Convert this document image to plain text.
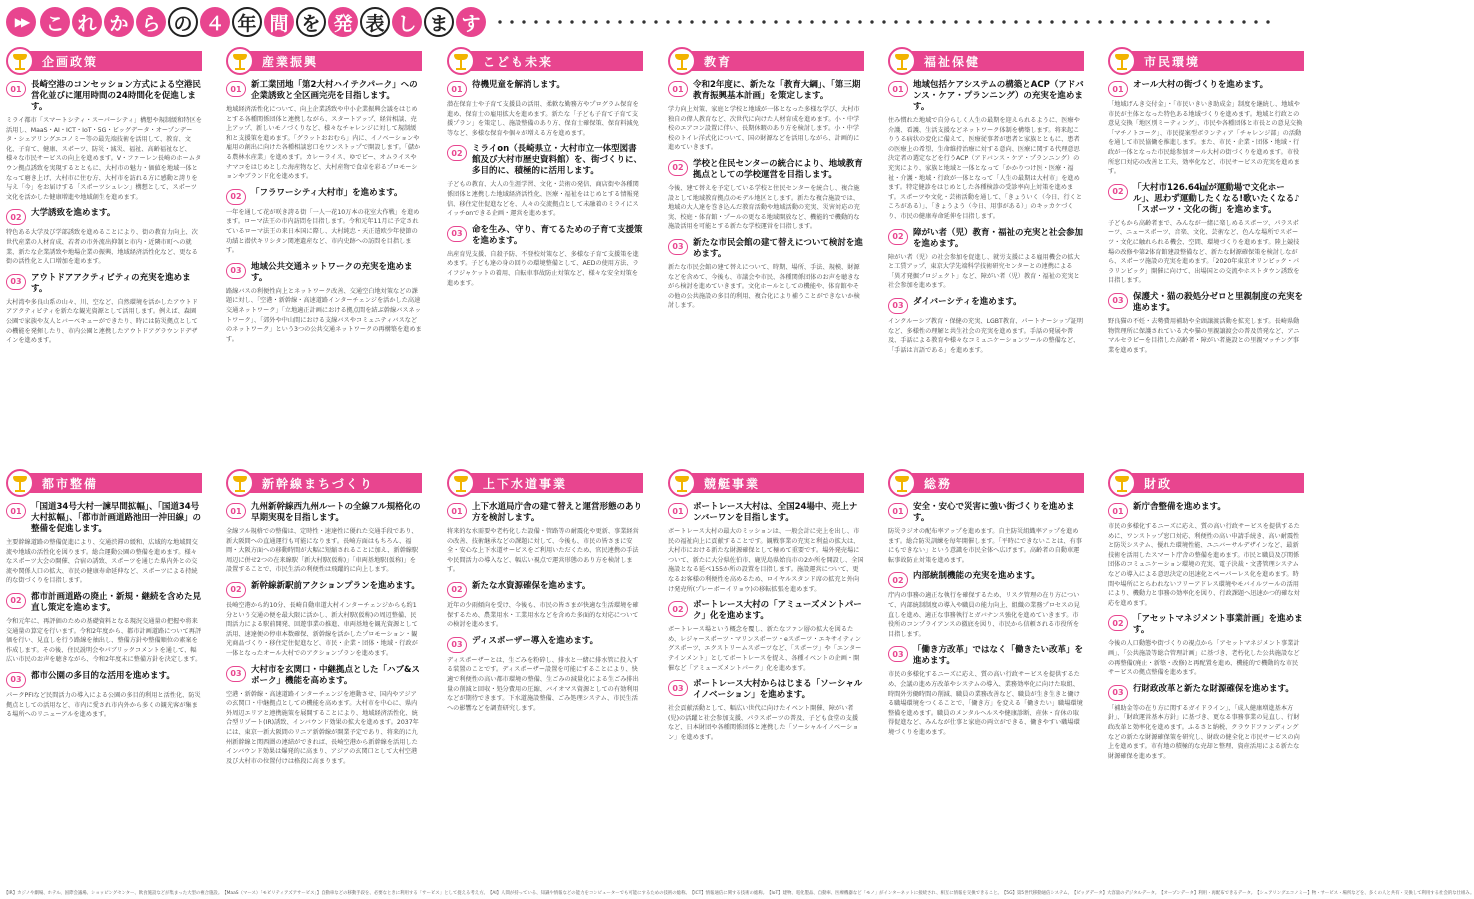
▶▶ こ れ か ら の ４ 年 間 を 発 表 し ま す
企画政策
01	長崎空港のコンセッション方式による空港民営化並びに運用時間の24時間化を促進します。
ミライ都市「スマートシティ・スーパーシティ」構想や規制緩和特区を活用し、MaaS・AI・ICT・IoT・5G・ビッグデータ・オープンデータ・シェアリングエコノミー等の最先端技術を活用して、教育、文化、子育て、健康、スポーツ、防災・減災、福祉、高齢福祉など、様々な市民サービスの向上を進めます。V・ファーレン長崎のホームタウン拠点誘致を実現するとともに、大村市の魅力・価値を地域一体となって磨き上げ、大村市に住む方、大村市を訪れる方に感動と誇りを与え「今」をお届けする「スポーツシュレン」構想として、スポーツ文化を活かした健康増進や地域創生を進めます。
02	大学誘致を進めます。
特色ある大学及び学部誘致を進めることにより、街の教育力向上、次世代産業の人材育成、若者の市外流出抑制と市内・近隣市町への就業、新たな企業誘致や地場企業の振興、地域経済活性化など、更なる街の活性化と人口増加を進めます。
03	アウトドアアクティビティの充実を進めます。
大村湾や多良山系の山々、川、空など、自然環境を活かしたアウトドアアクティビティを新たな観光資源として活用します。例えば、森園公園で家族や友人とバーベキューができたり、時には防災拠点としての機能を発揮したり、市内公園と連携したアウトドアグラウンドデザインを進めます。
産業振興
01	新工業団地「第2大村ハイテクパーク」への企業誘致と全区画完売を目指します。
地域経済活性化について、向上企業誘致や中小企業振興会議をはじめとする各種関係団体と連携しながら、スタートアップ、経営相談、売上アップ、新しいモノづくりなど、様々なチャレンジに対して規制緩和と支援策を進めます。「グラットおおむら」内に、イノベーションや雇用の創出に向けた各種相談窓口をワンストップで開設します。「儲かる農林水産業」を進めます。カレーライス、ゆでピー、オムライスやナマコをはじめとした海産物など、大村産物で食卓を彩るプロモーションやブランド化を進めます。
02	「フラワーシティ大村市」を進めます。
一年を通して花が咲き誇る街「一人一花10万本の花室大作戦」を進めます。ローマ法王の市内訪問を目指します。令和元年11月に予定されているローマ法王の来日本国に際し、大村純忠・天正遣欧少年使節の功績と潜伏キリシタン関連遺産など、市内史跡への訪問を目指します。
03	地域公共交通ネットワークの充実を進めます。
路線バスの利便性向上とネットワーク改善、交通空白地対策などの課題に対し、「空港・新幹線・高速道路インターチェンジを活かした高速交通ネットワーク」「立地適正計画における拠点間を結ぶ幹線バスネットワーク」、「郊外や中山間における支線バスやコミュニティバスなどのネットワーク」という3つの公共交通ネットワークの再構築を進めます。
こども未来
01	待機児童を解消します。
潜在保育士や子育て支援員の活用、柔軟な勤務方やプログラム保育を進め、保育士の雇用拡大を進めます。新たな「子ども子育て子育て支援プラン」を策定し、施設整備のあり方、保育士確保策、保育料減免等など、多様な保育や個々が増える方を進めます。
02	ミライon（長崎県立・大村市立一体型図書館及び大村市歴史資料館）を、街づくりに、多目的に、積極的に活用します。
子どもの教育、大人の生涯学習、文化・芸術の発信、商店街や各種関係団体と連携した地域経済活性化、医療・福祉をはじめとする情報発信、移住定住促進などを、人々の交流拠点として未融着のミライにスイッチonできる企画・運営を進めます。
03	命を生み、守り、育てるための子育て支援策を進めます。
出産育児支援、自殺予防、不登校対策など、多様な子育て支援策を進めます。子ども達の身の回りの環境整備として、AEDの使用方法、ライフジャケットの着用、自転車事故防止対策など、様々な安全対策を進めます。
教育
01	令和2年度に、新たな「教育大綱」、「第三期教育振興基本計画」を策定します。
学力向上対策、家庭と学校と地域が一体となった多様な学び、大村市独自の偉人教育など、次世代に向けた人材育成を進めます。小・中学校のエアコン設置に伴い、長期休暇のあり方を検討します。小・中学校のトイレ洋式化について、国の財源などを活用しながら、計画的に進めていきます。
02	学校と住民センターの統合により、地域教育拠点としての学校運営を目指します。
今後、建て替えを予定している学校と住民センターを統合し、複合施設として地域教育拠点のモデル地区とします。新たな複合施設では、地域の大人達を巻き込んだ教育活動や地域活動の充実、災害対応の充実、校庭・体育館・プールの更なる地域開放など、機能的で機動的な施設活用を可能とする新たな学校運営を目指します。
03	新たな市民会館の建て替えについて検討を進めます。
新たな市民会館の建て替えについて、時期、場所、手法、規模、財源などを含めて、今後も、市議会や市民、各種関係団体のお声を聴きながら検討を進めていきます。文化ホールとしての機能や、体育館やその他の公共施設の多目的利用、複合化により補うことができないか検討します。
福祉保健
01	地域包括ケアシステムの構築とACP（アドバンス・ケア・プランニング）の充実を進めます。
住み慣れた地域で自分らしく人生の最期を迎えられるように、医療や介護、看護、生活支援などネットワーク体制を構築します。将来起こりうる病状の変化に備えて、医療従事者が患者と家族とともに、患者の医療上の希望、生命維持治療に対する意向、医療に関する代理意思決定者の選定などを行うACP（アドバンス・ケア・プランニング）の充実により、家族と地域と一体となって「かかりつけ医・医療・福祉・介護・地域・行政が一体となって「人生の最期は大村市」を進めます。特定健診をはじめとした各種検診の受診率向上対策を進めます。スポーツや文化・芸術活動を通して、「きょういく（今日、行くところがある）」、「きょうよう（今日、用事がある）」のキッカケづくり、市民の健康寿命延伸を目指します。
02	障がい者（児）教育・福祉の充実と社会参加を進めます。
障がい者（児）の社会参加を促進し、就労支援による雇用機会の拡大と工賃アップ、東京大学先端科学技術研究センターとの連携による「異才発掘プロジェクト」など、障がい者（児）教育・福祉の充実と社会参加を進めます。
03	ダイバーシティを進めます。
インクルーシブ教育・保健の充実、LGBT教育、パートナーシップ証明など、多様性の理解と共生社会の充実を進めます。手話の発展や普及、手話による教育や様々なコミュニケーションツールの整備など、「手話は言語である」を進めます。
市民環境
01	オール大村の街づくりを進めます。
「地域げんき交付金」・「市民いきいき助成金」制度を継続し、地域や市民が主体となった特色ある地域づくりを進めます。地域と行政との意見交換「地区別ミーティング」、市民や各種団体と市長との意見交換「マチノトコーク」、市民提案型ボランティア「チャレンジ部」の活動を通して市民協働を推進します。また、市民・企業・団体・地域・行政が一体となった市民総参加オール大村の街づくりを進めます。市役所窓口対応の改善と工夫、効率化など、市民サービスの充実を進めます。
02	「大村市126.64㎢が運動場で文化ホール」、思わず運動したくなる!歌いたくなる♪「スポーツ・文化の街」を進めます。
子どもから高齢者まで、みんなが一緒に楽しめるスポーツ、パラスポーツ、ニュースポーツ、音楽、文化、芸術など、色んな場所でスポーツ・文化に触れられる機会、空間、環境づくりを進めます。陸上競技場の改修や第2体育館建設整備など、新たな財源確保策を検討しながら、スポーツ施設の充実を進めます。「2020年東京オリンピック・パラリンピック」開催に向けて、出場国との交流やホストタウン誘致を目指します。
03	保護犬・猫の殺処分ゼロと里親制度の充実を進めます。
野良猫の不妊・去勢費用補助や全頭譲渡活動を拡充します。長崎県動物管理所に保護されている犬や猫の里親譲渡会の普及啓発など、アニマルセラピーを目指した高齢者・障がい者施設との里親マッチング事業を進めます。
都市整備
01	「国道34号大村一諫早間拡幅」、「国道34号大村拡幅」、「都市計画道路池田一沖田線」の整備を促進します。
主要幹線道路の整備促進により、交通渋滞の緩和、広域的な地域間交流や地域の活性化を図ります。総合運動公園の整備を進めます。様々なスポーツ大会の開催、合宿の誘致、スポーツを通じた県内外との交流や関係人口の拡大、市民の健康寿命延伸など、スポーツによる持続的な街づくりを目指します。
02	都市計画道路の廃止・新規・継続を含めた見直し策定を進めます。
令和元年に、再評価のための基礎資料となる現況交通量の把握や将来交通量の算定を行います。令和2年度から、都市計画道路について再評価を行い、見直しを行う路線を抽出し、整備方針や整備順位の素案を作成します。その後、住民説明会やパブリックコメントを通して、幅広い市民のお声を聴きながら、令和2年度末に整備方針を決定します。
03	都市公園の多目的な活用を進めます。
パークPFIなど民間活力の導入による公園の多目的利用と活性化、防災拠点としての活用など、市内に愛され市内外から多くの観光客が集まる場所へのリニューアルを進めます。
新幹線まちづくり
01	九州新幹線西九州ルートの全線フル規格化の早期実現を目指します。
全線フル規格での整備は、定時性・速達性に優れた交通手段であり、新大阪間への直通運行も可能になります。長崎方面はもちろん、福岡・大阪方面への移動時間が大幅に短縮されることに加え、新幹線駅周辺に併せ2つの在来線駅「新大村駅(仮称)」「車両基地駅(仮称)」を設置することで、市民生活の利便性は飛躍的に向上します。
02	新幹線新駅前アクションプランを進めます。
長崎空港から約10分、長崎自動車道大村インターチェンジからも約1分という交通の便を最大限に活かし、新大村駅(仮称)の周辺整備、民間活力による駅前開発、回遊事業の推進、車両基地を観光資源として活用、速達便の停車本数確保、新幹線を活かしたプロモーション・観光商品づくり・移住定住促進など、市民・企業・団体・地域・行政が一体となったオール大村でのアクションプランを進めます。
03	大村市を玄関口・中継拠点とした「ハブ&スポーク」機能を高めます。
空港・新幹線・高速道路インターチェンジを連動させ、国内やアジアの玄関口・中継拠点としての機能を高めます。大村市を中心に、県内外周辺エリアと連携施策を展開することにより、地域経済活性化、統合型リゾート(IR)誘致、インバウンド効果の拡大を進めます。2037年には、東京一新大阪間のリニア新幹線が開業予定であり、将来的に九州新幹線と関西圏の連結ができれば、長崎空港から新幹線を活用したインバウンド効果は爆発的に高まり、アジアの玄関口として大村空港及び大村市の位置付けは格段に高まります。
上下水道事業
01	上下水道局庁舎の建て替えと運営形態のあり方を検討します。
将来的な水需要や老朽化した設備・管路等の耐震化や更新、事業経営の改善、技術継承などの課題に対して、今後も、市民の皆さまに安全・安心な上下水道サービスをご利用いただくため、官民連携の手法や民間活力の導入など、幅広い視点で運営形態のあり方を検討します。
02	新たな水資源確保を進めます。
近年の少雨傾向を受け、今後も、市民の皆さまが快適な生活環境を確保するため、農業用水・工業用水などを含めた多面的な対応についての検討を進めます。
03	ディスポーザー導入を進めます。
ディスポーザーとは、生ごみを粉砕し、排水と一緒に排水管に投入する装置のことです。ディスポーザー設置を可能にすることにより、快適で利便性の高い都市環境の整備、生ごみの減量化による生ごみ排出量の削減と回収・処分費用の圧縮、バイオマス資源としての有効利用などが期待できます。下水道施設整備、ごみ処理システム、市民生活への影響などを調査研究します。
競艇事業
01	ボートレース大村は、全国24場中、売上ナンバーワンを目指します。
ボートレース大村の最大のミッションは、一般会計に売上を出し、市民の福祉向上に貢献することです。観戦事業の充実と利益の拡大は、大村市における新たな財源確保として極めて重要です。場外発売場について、新たに大分県佐伯市、鹿児島県姶良市の2か所を開設し、全国施設となる延べ155か所の設置を目指します。施設運営について、更なるお客様の利便性を高めるため、ロイヤルスタンド席の拡充と外向け発売所(プレーボーイリョウ)の移転拡張を進めます。
02	ボートレース大村の「アミューズメントパーク」化を進めます。
ボートレース場という概念を覆し、新たなファン層の拡大を図るため、レジャースポーツ・マリンスポーツ・eスポーツ・エキサイティングスポーツ、エクストリームスポーツなど、「スポーツ」や「エンターテインメント」としてボートレースを捉え、各種イベントの企画・開催など「アミューズメントパーク」化を進めます。
03	ボートレース大村からはじまる「ソーシャルイノベーション」を進めます。
社会貢献活動として、幅広い世代に向けたイベント開催、障がい者(児)の活躍と社会参加支援、パラスポーツの普及、子ども食堂の支援など、日本財団や各種関係団体と連携した「ソーシャルイノベーション」を進めます。
総務
01	安全・安心で災害に強い街づくりを進めます。
防災ラジオの配布率アップを進めます。自主防災組織率アップを進めます。総合防災訓練を毎年開催します。「平時にできないことは、有事にもできない」という意識を市民全体へ広げます。高齢者の自動車運転事故防止対策を進めます。
02	内部統制機能の充実を進めます。
庁内の事務の適正な執行を確保するため、リスク管理の在り方について、内部統制制度の導入や職員の能力向上、組織の業務プロセスの見直しを進め、適正な事務執行とガバナンス強化を進めていきます。市役所のコンプライアンスの徹底を図り、市民から信頼される市役所を目指します。
03	「働き方改革」ではなく「働きたい改革」を進めます。
市民の多様化するニーズに応え、質の高い行政サービスを提供するため、会議の進め方改革やシステムの導入、業務効率化に向けた取組、時間外労働時間の削減、職員の業務改善など、職員が生き生きと働ける職場環境をつくることで、「働き方」を変える「働きたい」職場環境整備を進めます。職員のメンタルヘルスや健康診断、産休・育休の取得促進など、みんなが仕事と家庭の両立ができる、働きやすい職場環境づくりを進めます。
財政
01	新庁舎整備を進めます。
市民の多様化するニーズに応え、質の高い行政サービスを提供するために、ワンストップ窓口対応、利便性の高い申請手続き、高い耐震性と防災システム、優れた環境性能、ユニバーサルデザインなど、最新技術を活用したスマート庁舎の整備を進めます。市民と職員及び関係団体のコミュニケーション環境の充実、電子決裁・文書管理システムなどの導入による意思決定の迅速化とペーパーレス化を進めます。時間や場所にとらわれないフリーアドレス環境やモバイルツールの活用により、機動力と事務の効率化を図り、行政課題へ迅速かつ的確な対応を進めます。
02	「アセットマネジメント事業計画」を進めます。
今後の人口動態や街づくりの視点から「アセットマネジメント事業計画」、「公共施設等総合管理計画」に基づき、老朽化した公共施設などの再整備(廃止・新築・改修)と再配置を進め、機能的で機動的な市民サービスの拠点整備を進めます。
03	行財政改革と新たな財源確保を進めます。
「補助金等の在り方に関するガイドライン」、「成人健康増進基本方針」、「財政運営基本方針」に基づき、更なる事務事業の見直し、行財政改革と効率化を進めます。ふるさと納税、クラウドファンディングなどの新たな財源確保策を研究し、財政の健全化と市民サービスの向上を進めます。市有地の積極的な売却と整理、資産活用による新たな財源確保を進めます。
【IR】カジノや劇場、ホテル、国際会議場、ショッピングセンター、飲食施設などが集まった大型の複合施設。　【MaaS（マース）「モビリティアズアサービス」】自動車などの移動手段を、必要なときに利用する「サービス」として捉える考え方。　【AI】人間が持っている、知識や情報などの能力をコンピューターでも可能にするための技術の総称。　【ICT】情報通信に関する技術の総称。　【IoT】建物、電化製品、自動車、医療機器など「モノ」がインターネットに接続され、相互に情報を交換できること。　【5G】第5世代移動通信システム。　【ビッグデータ】大容量のデジタルデータ。　【オープンデータ】利用・再配布できるデータ。　【シェアリングエコノミー】物・サービス・場所などを、多くの人と共有・交換して利用する社会的な仕組み。
